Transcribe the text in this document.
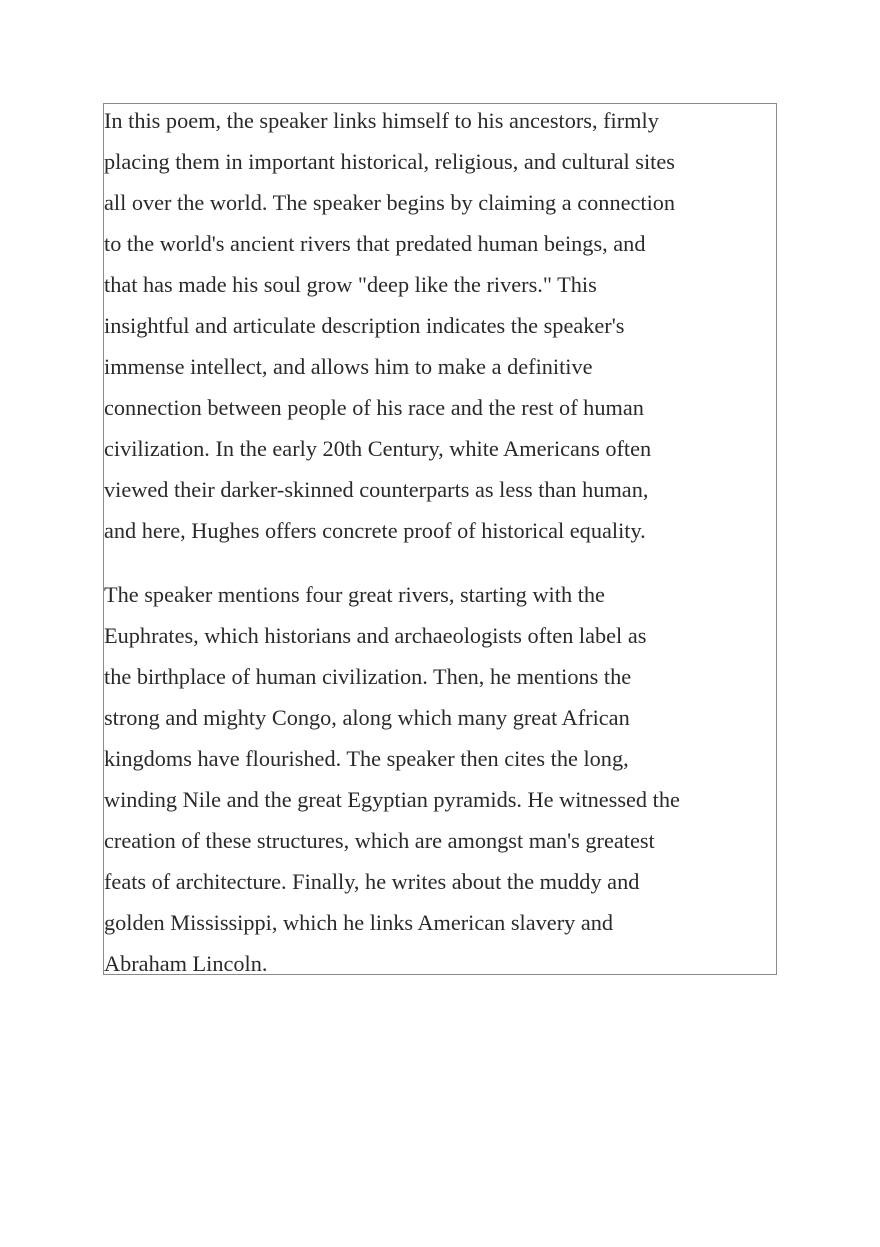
In this poem, the speaker links himself to his ancestors, firmly
placing them in important historical, religious, and cultural sites
all over the world. The speaker begins by claiming a connection
to the world's ancient rivers that predated human beings, and
that has made his soul grow "deep like the rivers." This
insightful and articulate description indicates the speaker's
immense intellect, and allows him to make a definitive
connection between people of his race and the rest of human
civilization. In the early 20th Century, white Americans often
viewed their darker-skinned counterparts as less than human,
and here, Hughes offers concrete proof of historical equality.

The speaker mentions four great rivers, starting with the
Euphrates, which historians and archaeologists often label as
the birthplace of human civilization. Then, he mentions the
strong and mighty Congo, along which many great African
kingdoms have flourished. The speaker then cites the long,
winding Nile and the great Egyptian pyramids. He witnessed the
creation of these structures, which are amongst man's greatest
feats of architecture. Finally, he writes about the muddy and
golden Mississippi, which he links American slavery and
Abraham Lincoln.
